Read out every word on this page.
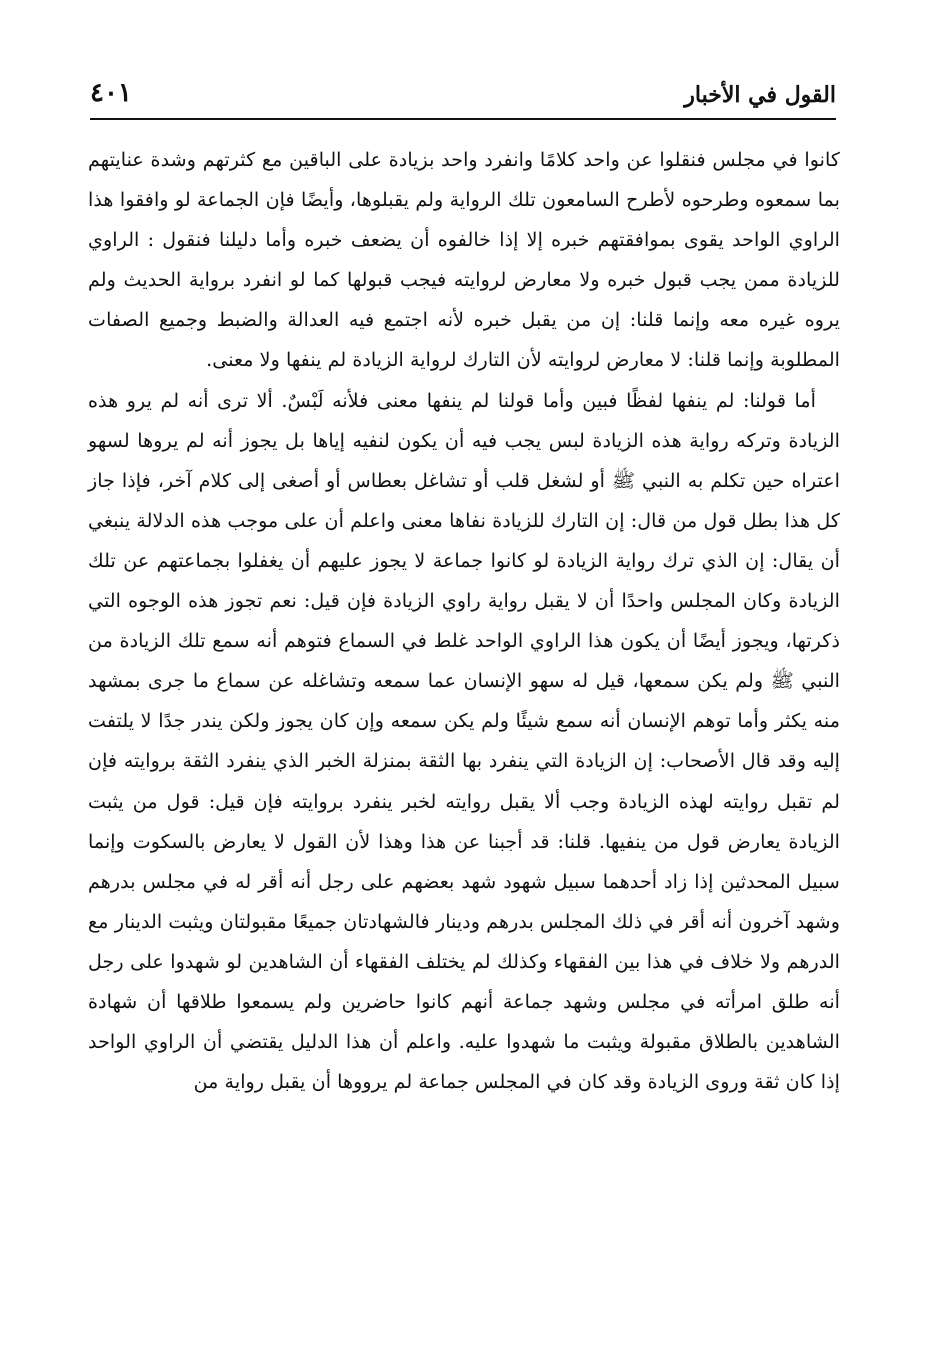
القول في الأخبار
٤٠١

كانوا في مجلس فنقلوا عن واحد كلامًا وانفرد واحد بزيادة على الباقين مع كثرتهم وشدة عنايتهم بما سمعوه وطرحوه لأطرح السامعون تلك الرواية ولم يقبلوها، وأيضًا فإن الجماعة لو وافقوا هذا الراوي الواحد يقوى بموافقتهم خبره إلا إذا خالفوه أن يضعف خبره وأما دليلنا فنقول : الراوي للزيادة ممن يجب قبول خبره ولا معارض لروايته فيجب قبولها كما لو انفرد برواية الحديث ولم يروه غيره معه وإنما قلنا: إن من يقبل خبره لأنه اجتمع فيه العدالة والضبط وجميع الصفات المطلوبة وإنما قلنا: لا معارض لروايته لأن التارك لرواية الزيادة لم ينفها ولا معنى.

أما قولنا: لم ينفها لفظًا فبين وأما قولنا لم ينفها معنى فلأنه لَبْسٌ. ألا ترى أنه لم يرو هذه الزيادة وتركه رواية هذه الزيادة لبس يجب فيه أن يكون لنفيه إياها بل يجوز أنه لم يروها لسهو اعتراه حين تكلم به النبي ﷺ أو لشغل قلب أو تشاغل بعطاس أو أصغى إلى كلام آخر، فإذا جاز كل هذا بطل قول من قال: إن التارك للزيادة نفاها معنى واعلم أن على موجب هذه الدلالة ينبغي أن يقال: إن الذي ترك رواية الزيادة لو كانوا جماعة لا يجوز عليهم أن يغفلوا بجماعتهم عن تلك الزيادة وكان المجلس واحدًا أن لا يقبل رواية راوي الزيادة فإن قيل: نعم تجوز هذه الوجوه التي ذكرتها، ويجوز أيضًا أن يكون هذا الراوي الواحد غلط في السماع فتوهم أنه سمع تلك الزيادة من النبي ﷺ ولم يكن سمعها، قيل له سهو الإنسان عما سمعه وتشاغله عن سماع ما جرى بمشهد منه يكثر وأما توهم الإنسان أنه سمع شيئًا ولم يكن سمعه وإن كان يجوز ولكن يندر جدًا لا يلتفت إليه وقد قال الأصحاب: إن الزيادة التي ينفرد بها الثقة بمنزلة الخبر الذي ينفرد الثقة بروايته فإن لم تقبل روايته لهذه الزيادة وجب ألا يقبل روايته لخبر ينفرد بروايته فإن قيل: قول من يثبت الزيادة يعارض قول من ينفيها. قلنا: قد أجبنا عن هذا وهذا لأن القول لا يعارض بالسكوت وإنما سبيل المحدثين إذا زاد أحدهما سبيل شهود شهد بعضهم على رجل أنه أقر له في مجلس بدرهم وشهد آخرون أنه أقر في ذلك المجلس بدرهم ودينار فالشهادتان جميعًا مقبولتان ويثبت الدينار مع الدرهم ولا خلاف في هذا بين الفقهاء وكذلك لم يختلف الفقهاء أن الشاهدين لو شهدوا على رجل أنه طلق امرأته في مجلس وشهد جماعة أنهم كانوا حاضرين ولم يسمعوا طلاقها أن شهادة الشاهدين بالطلاق مقبولة ويثبت ما شهدوا عليه. واعلم أن هذا الدليل يقتضي أن الراوي الواحد إذا كان ثقة وروى الزيادة وقد كان في المجلس جماعة لم يرووها أن يقبل رواية من
